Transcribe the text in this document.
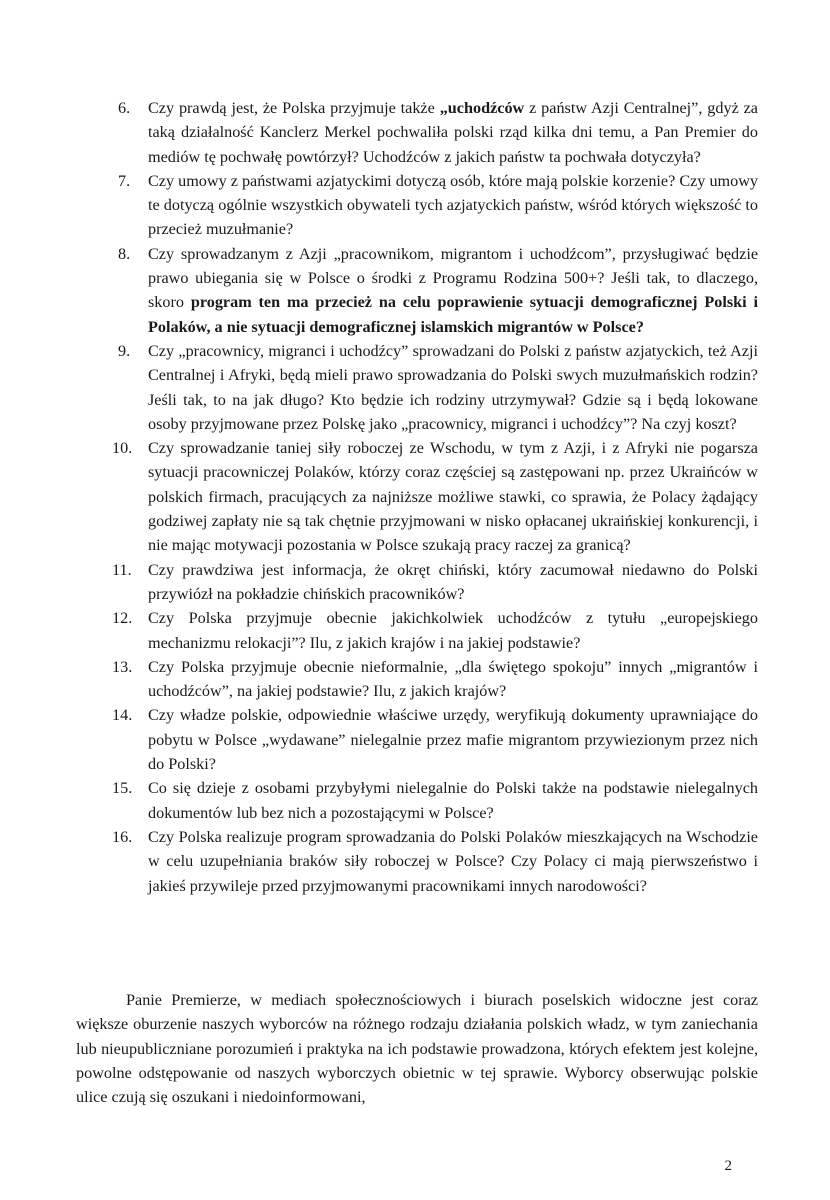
6.	Czy prawdą jest, że Polska przyjmuje także „uchodźców z państw Azji Centralnej”, gdyż za taką działalność Kanclerz Merkel pochwaliła polski rząd kilka dni temu, a Pan Premier do mediów tę pochwałę powtórzył? Uchodźców z jakich państw ta pochwała dotyczyła?
7.	Czy umowy z państwami azjatyckimi dotyczą osób, które mają polskie korzenie? Czy umowy te dotyczą ogólnie wszystkich obywateli tych azjatyckich państw, wśród których większość to przecież muzułmanie?
8.	Czy sprowadzanym z Azji „pracownikom, migrantom i uchodźcom”, przysługiwać będzie prawo ubiegania się w Polsce o środki z Programu Rodzina 500+? Jeśli tak, to dlaczego, skoro program ten ma przecież na celu poprawienie sytuacji demograficznej Polski i Polaków, a nie sytuacji demograficznej islamskich migrantów w Polsce?
9.	Czy „pracownicy, migranci i uchodźcy” sprowadzani do Polski z państw azjatyckich, też Azji Centralnej i Afryki, będą mieli prawo sprowadzania do Polski swych muzułmańskich rodzin? Jeśli tak, to na jak długo? Kto będzie ich rodziny utrzymywał? Gdzie są i będą lokowane osoby przyjmowane przez Polskę jako „pracownicy, migranci i uchodźcy”? Na czyj koszt?
10. Czy sprowadzanie taniej siły roboczej ze Wschodu, w tym z Azji, i z Afryki nie pogarsza sytuacji pracowniczej Polaków, którzy coraz częściej są zastępowani np. przez Ukraińców w polskich firmach, pracujących za najniższe możliwe stawki, co sprawia, że Polacy żądający godziwej zapłaty nie są tak chętnie przyjmowani w nisko opłacanej ukraińskiej konkurencji, i nie mając motywacji pozostania w Polsce szukają pracy raczej za granicą?
11.	Czy prawdziwa jest informacja, że okręt chiński, który zacumował niedawno do Polski przywiózł na pokładzie chińskich pracowników?
12. Czy Polska przyjmuje obecnie jakichkolwiek uchodźców z tytułu „europejskiego mechanizmu relokacji”? Ilu, z jakich krajów i na jakiej podstawie?
13. Czy Polska przyjmuje obecnie nieformalnie, „dla świętego spokoju” innych „migrantów i uchodźców”, na jakiej podstawie? Ilu, z jakich krajów?
14. Czy władze polskie, odpowiednie właściwe urzędy, weryfikują dokumenty uprawniające do pobytu w Polsce „wydawane” nielegalnie przez mafie migrantom przywiezionym przez nich do Polski?
15. Co się dzieje z osobami przybyłymi nielegalnie do Polski także na podstawie nielegalnych dokumentów lub bez nich a pozostającymi w Polsce?
16. Czy Polska realizuje program sprowadzania do Polski Polaków mieszkających na Wschodzie w celu uzupełniania braków siły roboczej w Polsce? Czy Polacy ci mają pierwszeństwo i jakieś przywileje przed przyjmowanymi pracownikami innych narodowości?

Panie Premierze, w mediach społecznościowych i biurach poselskich widoczne jest coraz większe oburzenie naszych wyborców na różnego rodzaju działania polskich władz, w tym zaniechania lub nieupubliczniane porozumień i praktyka na ich podstawie prowadzona, których efektem jest kolejne, powolne odstępowanie od naszych wyborczych obietnic w tej sprawie. Wyborcy obserwując polskie ulice czują się oszukani i niedoinformowani,

2
